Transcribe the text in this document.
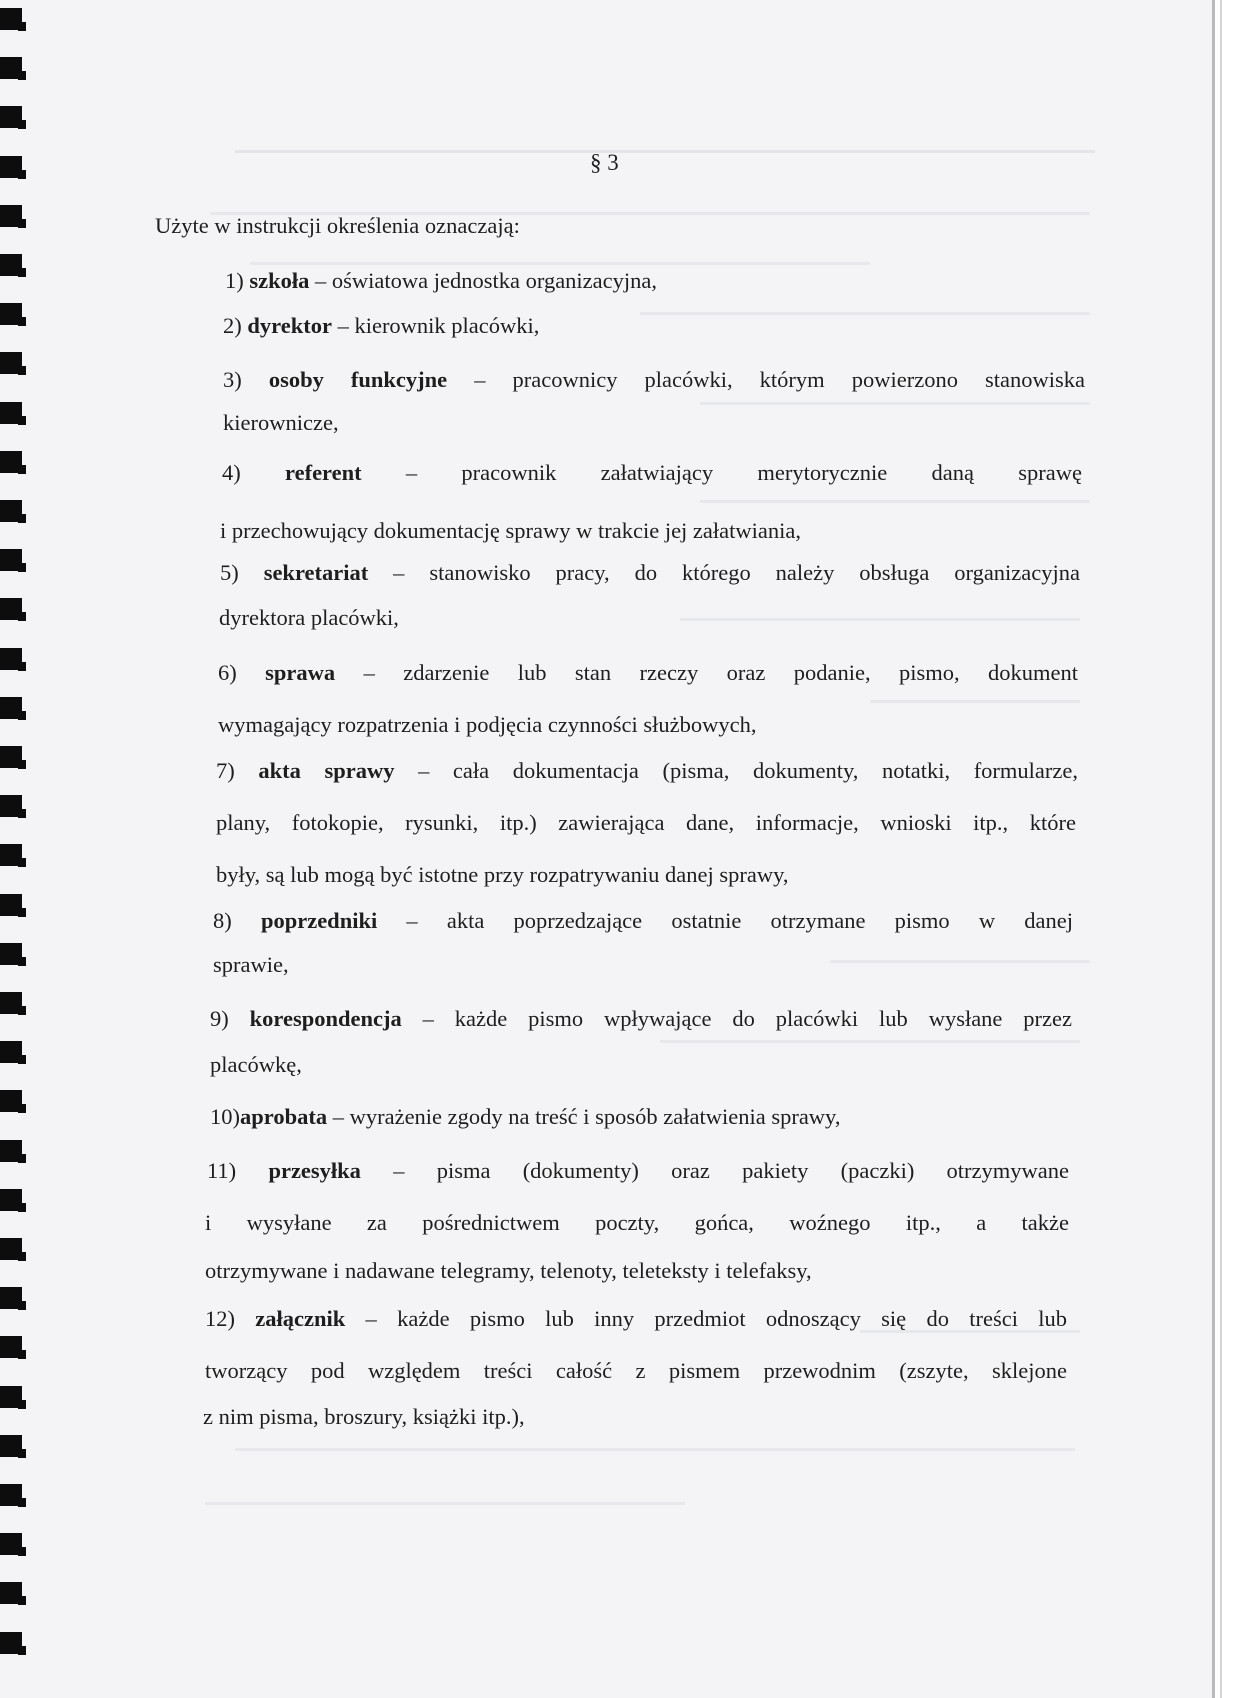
§ 3
Użyte w instrukcji określenia oznaczają:
1) szkoła – oświatowa jednostka organizacyjna,
2) dyrektor – kierownik placówki,
3) osoby funkcyjne – pracownicy placówki, którym powierzono stanowiska
kierownicze,
4) referent – pracownik załatwiający merytorycznie daną sprawę
i przechowujący dokumentację sprawy w trakcie jej załatwiania,
5) sekretariat – stanowisko pracy, do którego należy obsługa organizacyjna
dyrektora placówki,
6) sprawa – zdarzenie lub stan rzeczy oraz podanie, pismo, dokument
wymagający rozpatrzenia i podjęcia czynności służbowych,
7) akta sprawy – cała dokumentacja (pisma, dokumenty, notatki, formularze,
plany, fotokopie, rysunki, itp.) zawierająca dane, informacje, wnioski itp., które
były, są lub mogą być istotne przy rozpatrywaniu danej sprawy,
8) poprzedniki – akta poprzedzające ostatnie otrzymane pismo w danej
sprawie,
9) korespondencja – każde pismo wpływające do placówki lub wysłane przez
placówkę,
10)aprobata – wyrażenie zgody na treść i sposób załatwienia sprawy,
11) przesyłka – pisma (dokumenty) oraz pakiety (paczki) otrzymywane
i wysyłane za pośrednictwem poczty, gońca, woźnego itp., a także
otrzymywane i nadawane telegramy, telenoty, teleteksty i telefaksy,
12) załącznik – każde pismo lub inny przedmiot odnoszący się do treści lub
tworzący pod względem treści całość z pismem przewodnim (zszyte, sklejone
z nim pisma, broszury, książki itp.),
